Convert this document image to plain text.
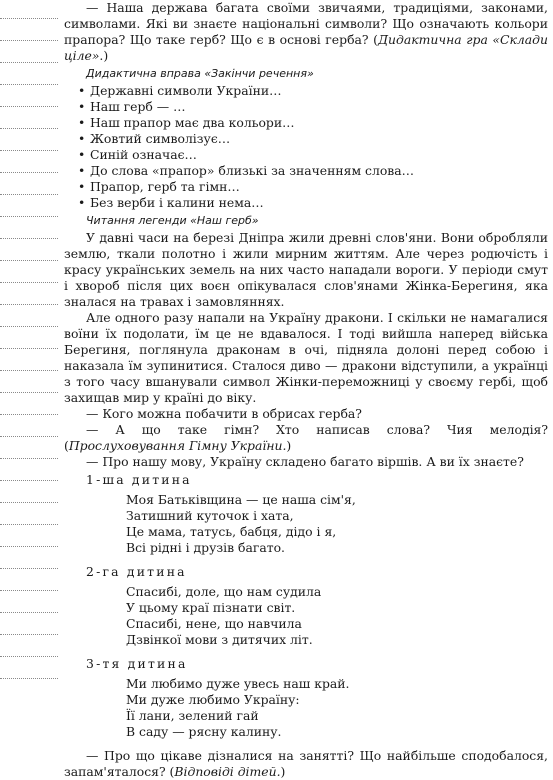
— Наша держава багата своїми звичаями, традиціями, законами, символами. Які ви знаєте національні символи? Що означають кольори прапора? Що таке герб? Що є в основі герба? (Дидактична гра «Склади ціле».)

Дидактична вправа «Закінчи речення»
• Державні символи України…
• Наш герб — …
• Наш прапор має два кольори…
• Жовтий символізує…
• Синій означає…
• До слова «прапор» близькі за значенням слова…
• Прапор, герб та гімн…
• Без верби і калини нема…
Читання легенди «Наш герб»

У давні часи на березі Дніпра жили древні слов'яни. Вони обробляли землю, ткали полотно і жили мирним життям. Але через родючість і красу українських земель на них часто нападали вороги. У періоди смут і хвороб після цих воєн опікувалася слов'янами Жінка-Берегиня, яка зналася на травах і замовляннях.

Але одного разу напали на Україну дракони. І скільки не намагалися воїни їх подолати, їм це не вдавалося. І тоді вийшла наперед війська Берегиня, поглянула драконам в очі, підняла долоні перед собою і наказала їм зупинитися. Сталося диво — дракони відступили, а українці з того часу вшанували символ Жінки-переможниці у своєму гербі, щоб захищав мир у країні до віку.

— Кого можна побачити в обрисах герба?

— А що таке гімн? Хто написав слова? Чия мелодія? (Прослуховування Гімну України.)

— Про нашу мову, Україну складено багато віршів. А ви їх знаєте?

1-ша дитина
Моя Батьківщина — це наша сім'я,
Затишний куточок і хата,
Це мама, татусь, бабця, дідо і я,
Всі рідні і друзів багато.
2-га дитина
Спасибі, доле, що нам судила
У цьому краї пізнати світ.
Спасибі, нене, що навчила
Дзвінкої мови з дитячих літ.
3-тя дитина
Ми любимо дуже увесь наш край.
Ми дуже любимо Україну:
Її лани, зелений гай
В саду — рясну калину.

— Про що цікаве дізналися на занятті? Що найбільше сподобалося, запам'яталося? (Відповіді дітей.)
